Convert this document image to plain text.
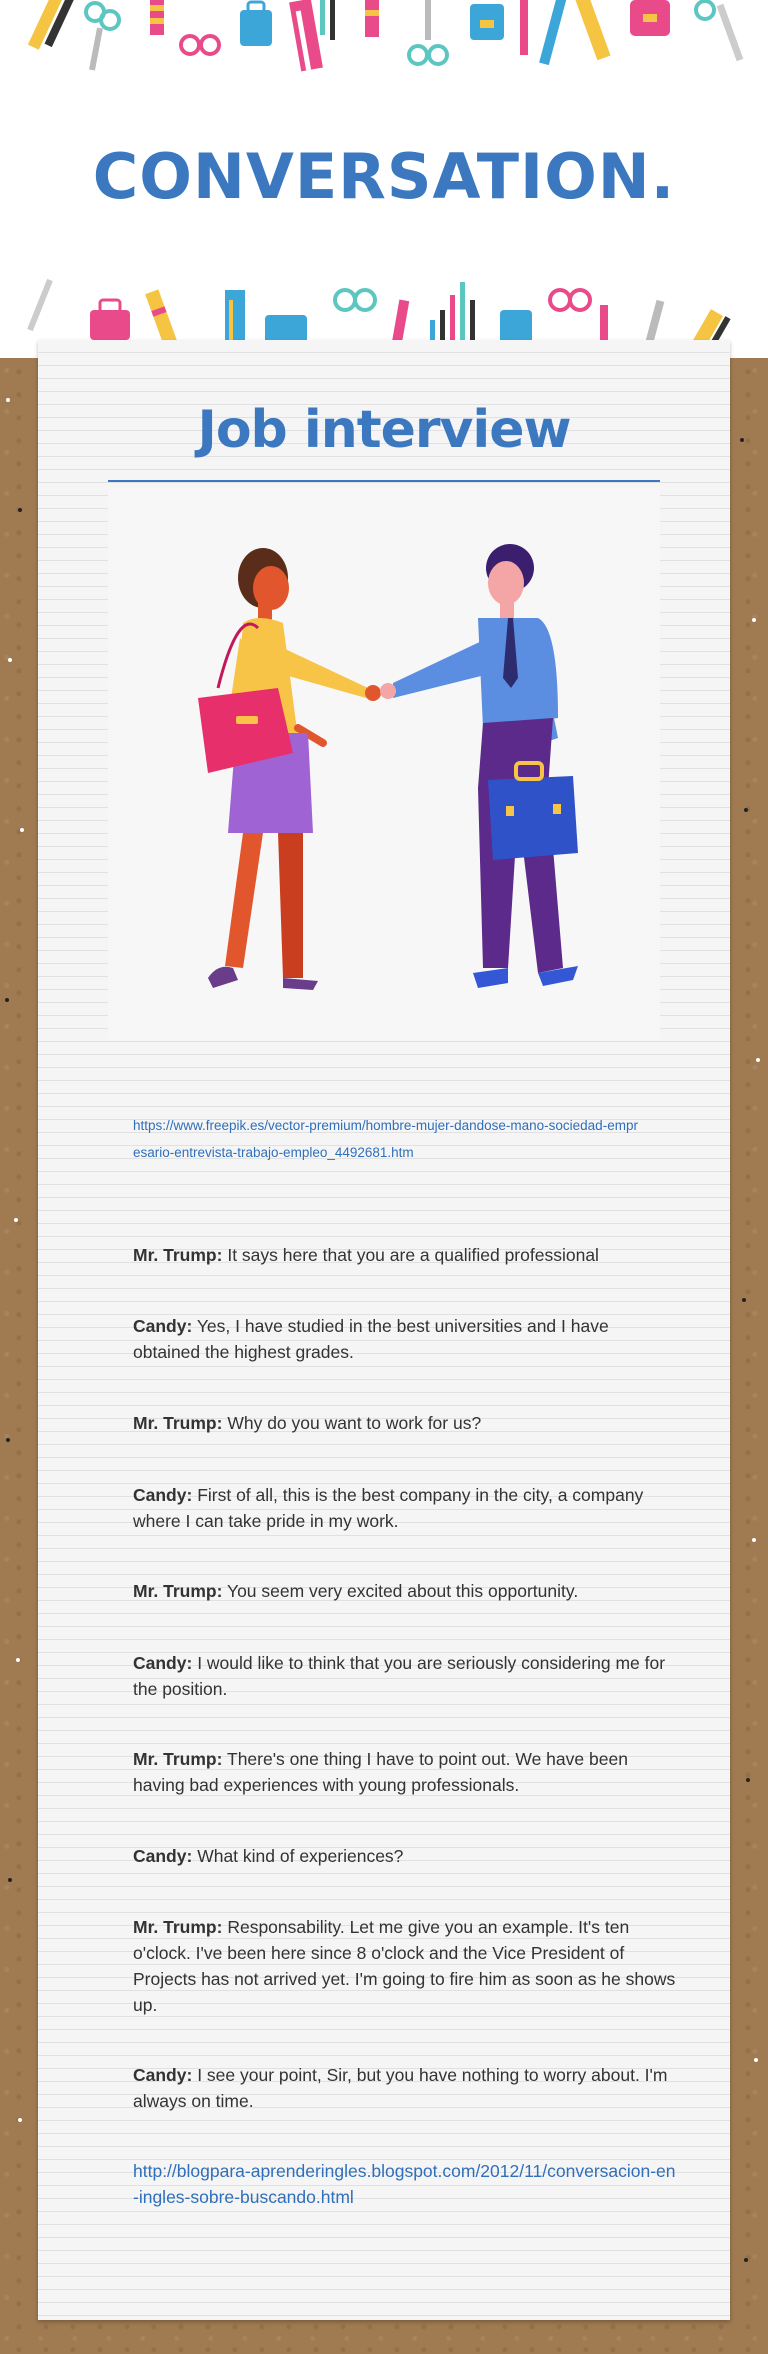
CONVERSATION.
Job interview
https://www.freepik.es/vector-premium/hombre-mujer-dandose-mano-sociedad-empresario-entrevista-trabajo-empleo_4492681.htm
Mr. Trump: It says here that you are a qualified professional
Candy: Yes, I have studied in the best universities and I have obtained the highest grades.
Mr. Trump: Why do you want to work for us?
Candy: First of all, this is the best company in the city, a company where I can take pride in my work.
Mr. Trump: You seem very excited about this opportunity.
Candy: I would like to think that you are seriously considering me for the position.
Mr. Trump: There's one thing I have to point out. We have been having bad experiences with young professionals.
Candy: What kind of experiences?
Mr. Trump: Responsability. Let me give you an example. It's ten o'clock. I've been here since 8 o'clock and the Vice President of Projects has not arrived yet. I'm going to fire him as soon as he shows up.
Candy: I see your point, Sir, but you have nothing to worry about. I'm always on time.
http://blogpara-aprenderingles.blogspot.com/2012/11/conversacion-en-ingles-sobre-buscando.html
